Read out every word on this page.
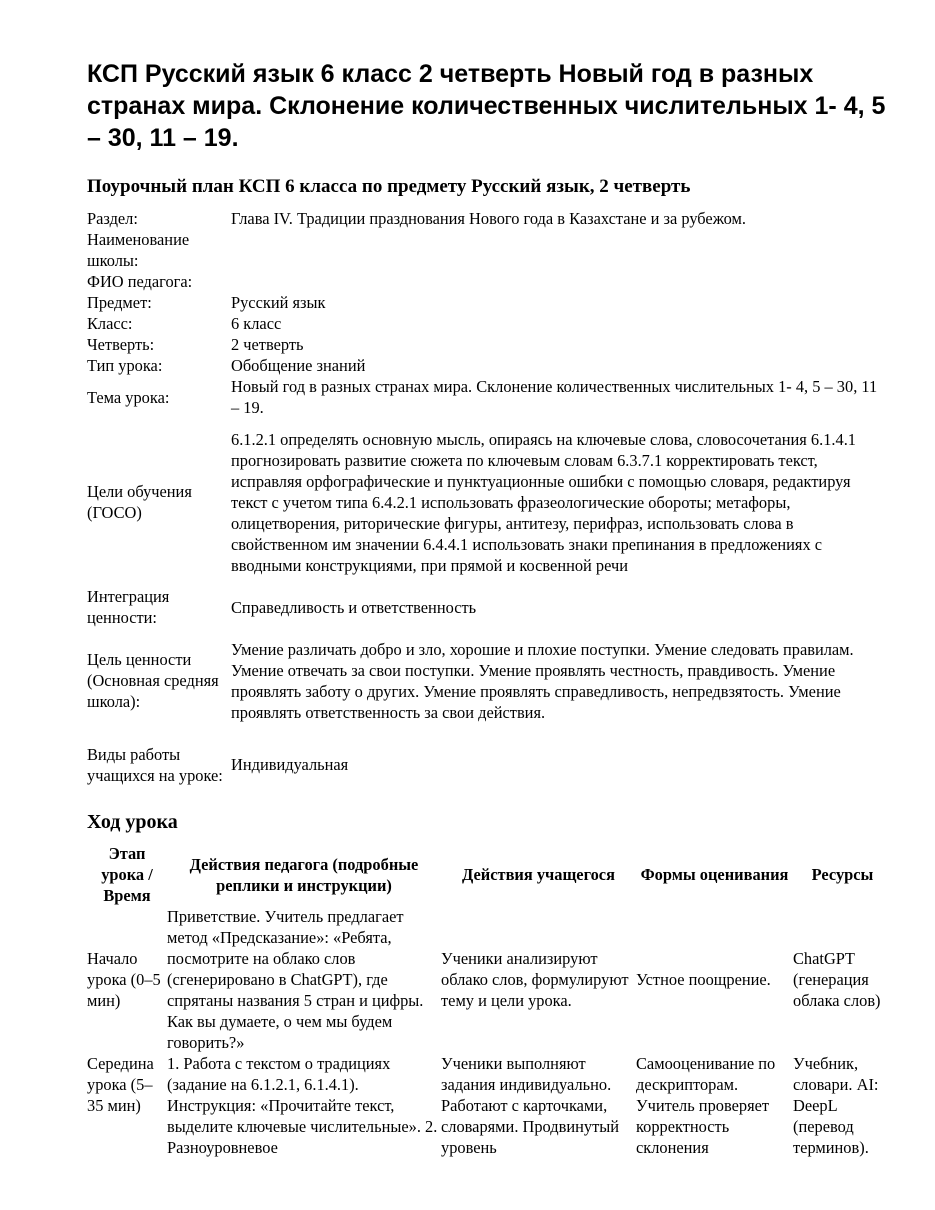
КСП Русский язык 6 класс 2 четверть Новый год в разных странах мира. Склонение количественных числительных 1- 4, 5 – 30, 11 – 19.
Поурочный план КСП 6 класса по предмету Русский язык, 2 четверть
Раздел:	Глава IV. Традиции празднования Нового года в Казахстане и за рубежом.
Наименование школы:	
ФИО педагога:	
Предмет:	Русский язык
Класс:	6 класс
Четверть:	2 четверть
Тип урока:	Обобщение знаний
Тема урока:	Новый год в разных странах мира. Склонение количественных числительных 1- 4, 5 – 30, 11 – 19.
Цели обучения (ГОСО)	6.1.2.1 определять основную мысль, опираясь на ключевые слова, словосочетания 6.1.4.1 прогнозировать развитие сюжета по ключевым словам 6.3.7.1 корректировать текст, исправляя орфографические и пунктуационные ошибки с помощью словаря, редактируя текст с учетом типа 6.4.2.1 использовать фразеологические обороты; метафоры, олицетворения, риторические фигуры, антитезу, перифраз, использовать слова в свойственном им значении 6.4.4.1 использовать знаки препинания в предложениях с вводными конструкциями, при прямой и косвенной речи
Интеграция ценности:	Справедливость и ответственность
Цель ценности (Основная средняя школа):	Умение различать добро и зло, хорошие и плохие поступки. Умение следовать правилам. Умение отвечать за свои поступки. Умение проявлять честность, правдивость. Умение проявлять заботу о других. Умение проявлять справедливость, непредвзятость. Умение проявлять ответственность за свои действия.
Виды работы учащихся на уроке:	Индивидуальная
Ход урока
Этап урока / Время	Действия педагога (подробные реплики и инструкции)	Действия учащегося	Формы оценивания	Ресурсы
Начало урока (0–5 мин)	Приветствие. Учитель предлагает метод «Предсказание»: «Ребята, посмотрите на облако слов (сгенерировано в ChatGPT), где спрятаны названия 5 стран и цифры. Как вы думаете, о чем мы будем говорить?»	Ученики анализируют облако слов, формулируют тему и цели урока.	Устное поощрение.	ChatGPT (генерация облака слов)
Середина урока (5–35 мин)	1. Работа с текстом о традициях (задание на 6.1.2.1, 6.1.4.1). Инструкция: «Прочитайте текст, выделите ключевые числительные». 2. Разноуровневое	Ученики выполняют задания индивидуально. Работают с карточками, словарями. Продвинутый уровень	Самооценивание по дескрипторам. Учитель проверяет корректность склонения	Учебник, словари. AI: DeepL (перевод терминов).
